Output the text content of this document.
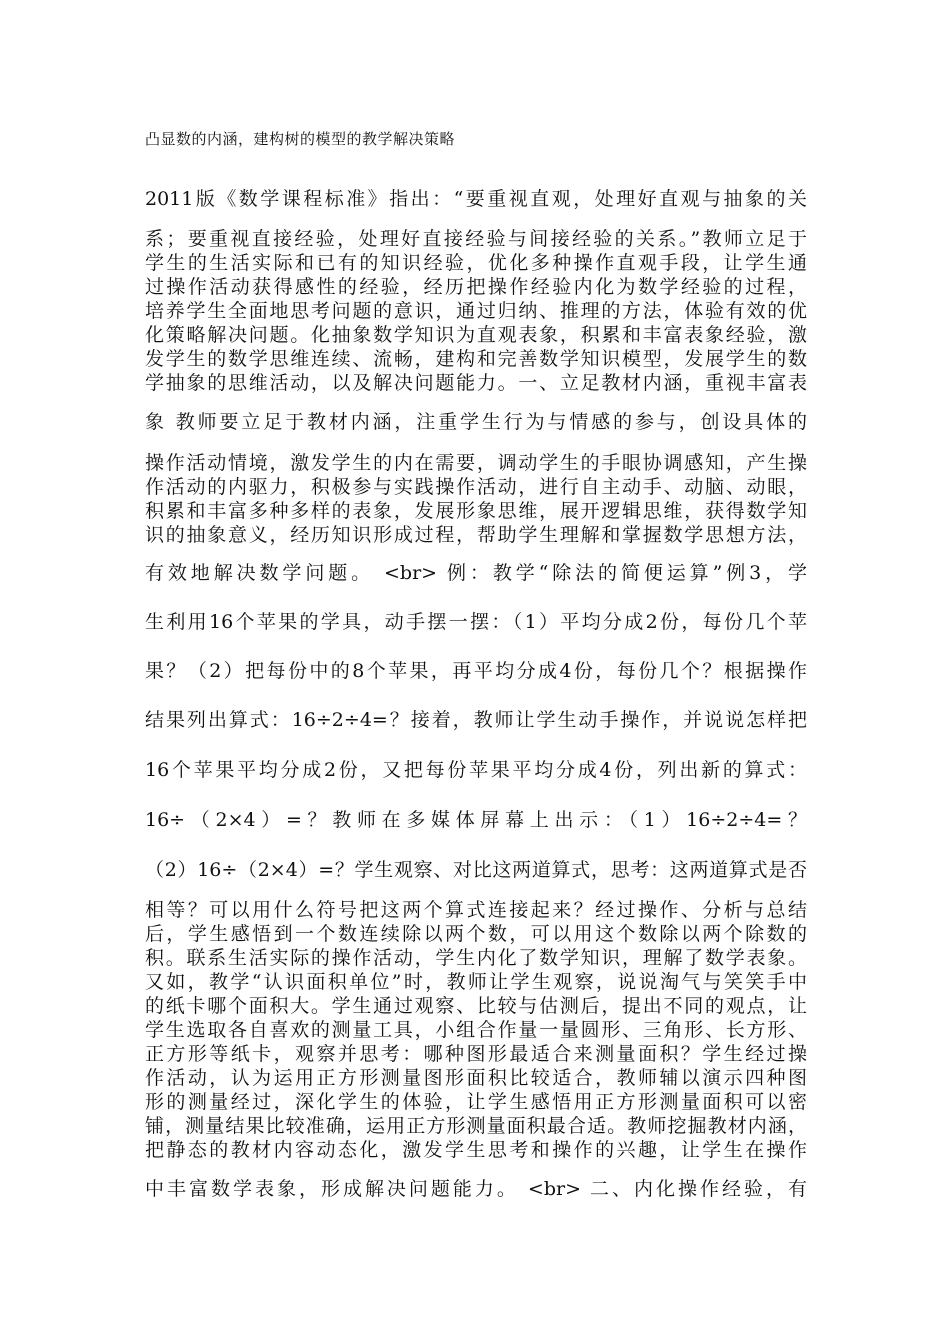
凸显数的内涵，建构树的模型的教学解决策略
2011版《数学课程标准》指出：“要重视直观，处理好直观与抽象的关
系；要重视直接经验，处理好直接经验与间接经验的关系。”教师立足于
学生的生活实际和已有的知识经验，优化多种操作直观手段，让学生通
过操作活动获得感性的经验，经历把操作经验内化为数学经验的过程，
培养学生全面地思考问题的意识，通过归纳、推理的方法，体验有效的优
化策略解决问题。化抽象数学知识为直观表象，积累和丰富表象经验，激
发学生的数学思维连续、流畅，建构和完善数学知识模型，发展学生的数
学抽象的思维活动，以及解决问题能力。一、立足教材内涵，重视丰富表
象 教师要立足于教材内涵，注重学生行为与情感的参与，创设具体的
操作活动情境，激发学生的内在需要，调动学生的手眼协调感知，产生操
作活动的内驱力，积极参与实践操作活动，进行自主动手、动脑、动眼，
积累和丰富多种多样的表象，发展形象思维，展开逻辑思维，获得数学知
识的抽象意义，经历知识形成过程，帮助学生理解和掌握数学思想方法，
有效地解决数学问题。 <br> 例：教学“除法的简便运算”例3，学
生利用16个苹果的学具，动手摆一摆：（1）平均分成2份，每份几个苹
果？（2）把每份中的8个苹果，再平均分成4份，每份几个？根据操作
结果列出算式：16÷2÷4=？接着，教师让学生动手操作，并说说怎样把
16个苹果平均分成2份，又把每份苹果平均分成4份，列出新的算式：
16÷（2×4）=？教师在多媒体屏幕上出示：（1）16÷2÷4=？
（2）16÷（2×4）=？学生观察、对比这两道算式，思考：这两道算式是否
相等？可以用什么符号把这两个算式连接起来？经过操作、分析与总结
后，学生感悟到一个数连续除以两个数，可以用这个数除以两个除数的
积。联系生活实际的操作活动，学生内化了数学知识，理解了数学表象。
又如，教学“认识面积单位”时，教师让学生观察，说说淘气与笑笑手中
的纸卡哪个面积大。学生通过观察、比较与估测后，提出不同的观点，让
学生选取各自喜欢的测量工具，小组合作量一量圆形、三角形、长方形、
正方形等纸卡，观察并思考：哪种图形最适合来测量面积？学生经过操
作活动，认为运用正方形测量图形面积比较适合，教师辅以演示四种图
形的测量经过，深化学生的体验，让学生感悟用正方形测量面积可以密
铺，测量结果比较准确，运用正方形测量面积最合适。教师挖掘教材内涵，
把静态的教材内容动态化，激发学生思考和操作的兴趣，让学生在操作
中丰富数学表象，形成解决问题能力。 <br> 二、内化操作经验，有
